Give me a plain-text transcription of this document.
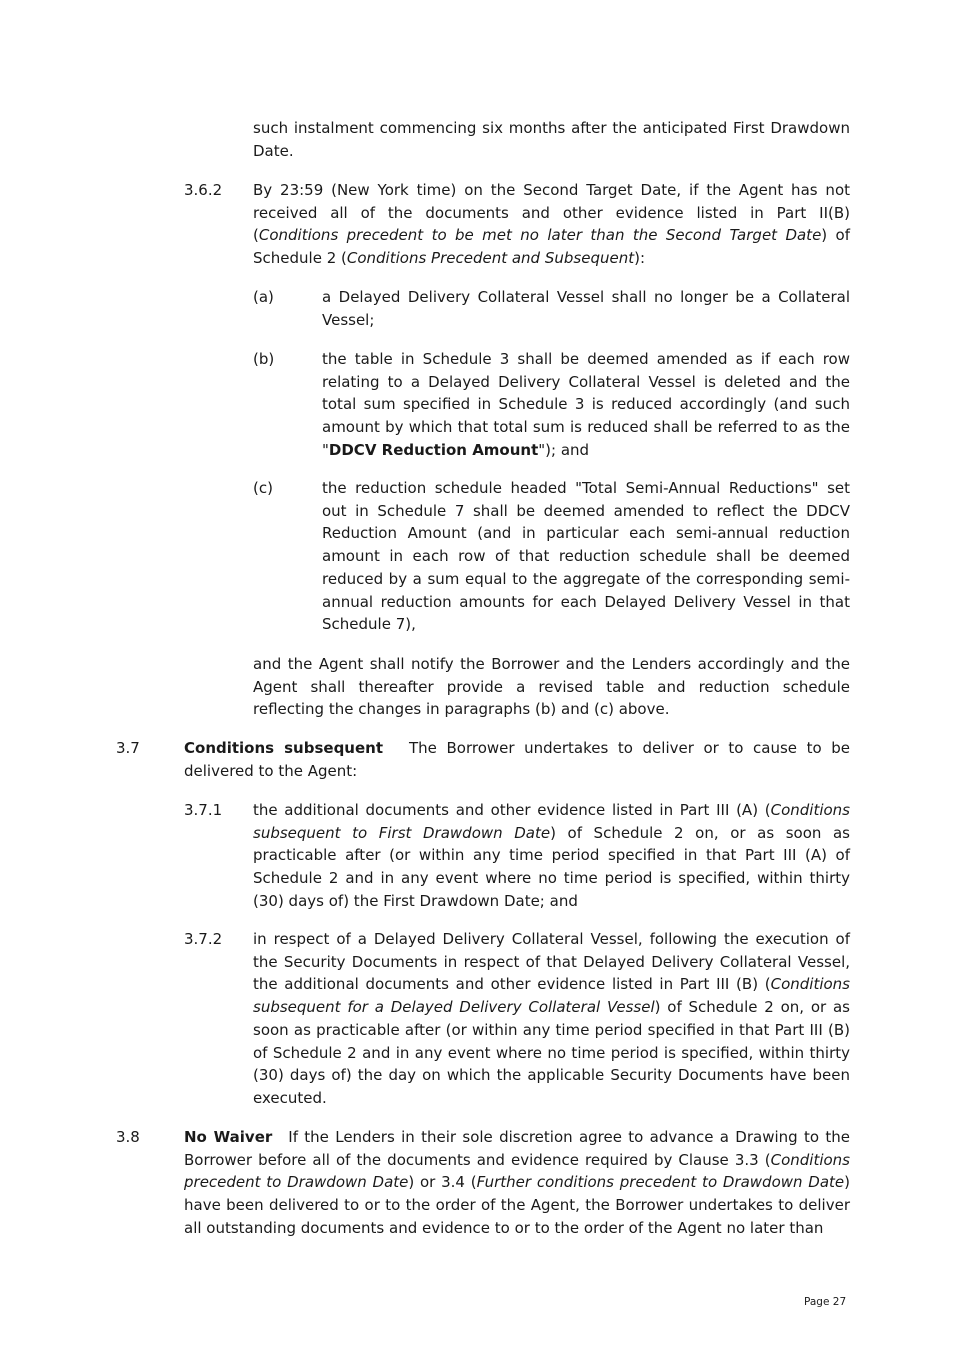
such instalment commencing six months after the anticipated First Drawdown Date.

3.6.2 By 23:59 (New York time) on the Second Target Date, if the Agent has not received all of the documents and other evidence listed in Part II(B) (Conditions precedent to be met no later than the Second Target Date) of Schedule 2 (Conditions Precedent and Subsequent):

(a)	a Delayed Delivery Collateral Vessel shall no longer be a Collateral Vessel;

(b)	the table in Schedule 3 shall be deemed amended as if each row relating to a Delayed Delivery Collateral Vessel is deleted and the total sum specified in Schedule 3 is reduced accordingly (and such amount by which that total sum is reduced shall be referred to as the "DDCV Reduction Amount"); and

(c)	the reduction schedule headed "Total Semi-Annual Reductions" set out in Schedule 7 shall be deemed amended to reflect the DDCV Reduction Amount (and in particular each semi-annual reduction amount in each row of that reduction schedule shall be deemed reduced by a sum equal to the aggregate of the corresponding semi-annual reduction amounts for each Delayed Delivery Vessel in that Schedule 7),

and the Agent shall notify the Borrower and the Lenders accordingly and the Agent shall thereafter provide a revised table and reduction schedule reflecting the changes in paragraphs (b) and (c) above.

3.7	Conditions subsequent The Borrower undertakes to deliver or to cause to be delivered to the Agent:

3.7.1 the additional documents and other evidence listed in Part III (A) (Conditions subsequent to First Drawdown Date) of Schedule 2 on, or as soon as practicable after (or within any time period specified in that Part III (A) of Schedule 2 and in any event where no time period is specified, within thirty (30) days of) the First Drawdown Date; and

3.7.2 in respect of a Delayed Delivery Collateral Vessel, following the execution of the Security Documents in respect of that Delayed Delivery Collateral Vessel, the additional documents and other evidence listed in Part III (B) (Conditions subsequent for a Delayed Delivery Collateral Vessel) of Schedule 2 on, or as soon as practicable after (or within any time period specified in that Part III (B) of Schedule 2 and in any event where no time period is specified, within thirty (30) days of) the day on which the applicable Security Documents have been executed.

3.8	No Waiver If the Lenders in their sole discretion agree to advance a Drawing to the Borrower before all of the documents and evidence required by Clause 3.3 (Conditions precedent to Drawdown Date) or 3.4 (Further conditions precedent to Drawdown Date) have been delivered to or to the order of the Agent, the Borrower undertakes to deliver all outstanding documents and evidence to or to the order of the Agent no later than

Page 27
